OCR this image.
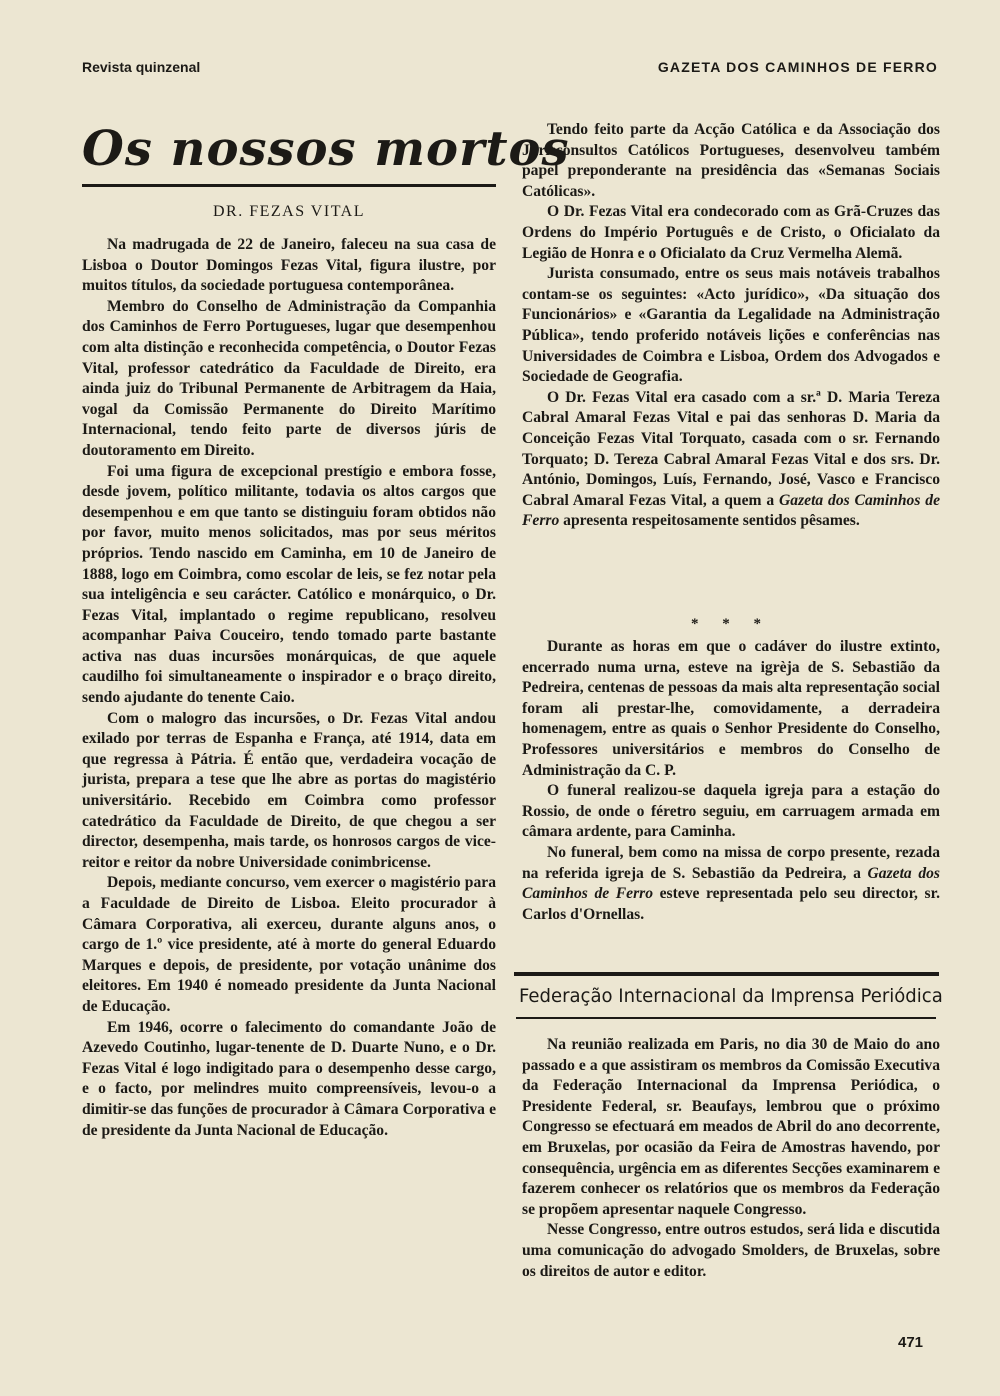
Revista quinzenal	GAZETA DOS CAMINHOS DE FERRO
Os nossos mortos
DR. FEZAS VITAL

Na madrugada de 22 de Janeiro, faleceu na sua casa de Lisboa o Doutor Domingos Fezas Vital, figura ilustre, por muitos títulos, da sociedade portuguesa contemporânea.

Membro do Conselho de Administração da Companhia dos Caminhos de Ferro Portugueses, lugar que desempenhou com alta distinção e reconhecida competência, o Doutor Fezas Vital, professor catedrático da Faculdade de Direito, era ainda juiz do Tribunal Permanente de Arbitragem da Haia, vogal da Comissão Permanente do Direito Marítimo Internacional, tendo feito parte de diversos júris de doutoramento em Direito.

Foi uma figura de excepcional prestígio e embora fosse, desde jovem, político militante, todavia os altos cargos que desempenhou e em que tanto se distinguiu foram obtidos não por favor, muito menos solicitados, mas por seus méritos próprios. Tendo nascido em Caminha, em 10 de Janeiro de 1888, logo em Coimbra, como escolar de leis, se fez notar pela sua inteligência e seu carácter. Católico e monárquico, o Dr. Fezas Vital, implantado o regime republicano, resolveu acompanhar Paiva Couceiro, tendo tomado parte bastante activa nas duas incursões monárquicas, de que aquele caudilho foi simultaneamente o inspirador e o braço direito, sendo ajudante do tenente Caio.

Com o malogro das incursões, o Dr. Fezas Vital andou exilado por terras de Espanha e França, até 1914, data em que regressa à Pátria. É então que, verdadeira vocação de jurista, prepara a tese que lhe abre as portas do magistério universitário. Recebido em Coimbra como professor catedrático da Faculdade de Direito, de que chegou a ser director, desempenha, mais tarde, os honrosos cargos de vice-reitor e reitor da nobre Universidade conimbricense.

Depois, mediante concurso, vem exercer o magistério para a Faculdade de Direito de Lisboa. Eleito procurador à Câmara Corporativa, ali exerceu, durante alguns anos, o cargo de 1.º vice presidente, até à morte do general Eduardo Marques e depois, de presidente, por votação unânime dos eleitores. Em 1940 é nomeado presidente da Junta Nacional de Educação.

Em 1946, ocorre o falecimento do comandante João de Azevedo Coutinho, lugar-tenente de D. Duarte Nuno, e o Dr. Fezas Vital é logo indigitado para o desempenho desse cargo, e o facto, por melindres muito compreensíveis, levou-o a dimitir-se das funções de procurador à Câmara Corporativa e de presidente da Junta Nacional de Educação.

Tendo feito parte da Acção Católica e da Associação dos Jurisconsultos Católicos Portugueses, desenvolveu também papel preponderante na presidência das «Semanas Sociais Católicas».

O Dr. Fezas Vital era condecorado com as Grã-Cruzes das Ordens do Império Português e de Cristo, o Oficialato da Legião de Honra e o Oficialato da Cruz Vermelha Alemã.

Jurista consumado, entre os seus mais notáveis trabalhos contam-se os seguintes: «Acto jurídico», «Da situação dos Funcionários» e «Garantia da Legalidade na Administração Pública», tendo proferido notáveis lições e conferências nas Universidades de Coimbra e Lisboa, Ordem dos Advogados e Sociedade de Geografia.

O Dr. Fezas Vital era casado com a sr.ª D. Maria Tereza Cabral Amaral Fezas Vital e pai das senhoras D. Maria da Conceição Fezas Vital Torquato, casada com o sr. Fernando Torquato; D. Tereza Cabral Amaral Fezas Vital e dos srs. Dr. António, Domingos, Luís, Fernando, José, Vasco e Francisco Cabral Amaral Fezas Vital, a quem a Gazeta dos Caminhos de Ferro apresenta respeitosamente sentidos pêsames.

* * *

Durante as horas em que o cadáver do ilustre extinto, encerrado numa urna, esteve na igrèja de S. Sebastião da Pedreira, centenas de pessoas da mais alta representação social foram ali prestar-lhe, comovidamente, a derradeira homenagem, entre as quais o Senhor Presidente do Conselho, Professores universitários e membros do Conselho de Administração da C. P.

O funeral realizou-se daquela igreja para a estação do Rossio, de onde o féretro seguiu, em carruagem armada em câmara ardente, para Caminha.

No funeral, bem como na missa de corpo presente, rezada na referida igreja de S. Sebastião da Pedreira, a Gazeta dos Caminhos de Ferro esteve representada pelo seu director, sr. Carlos d'Ornellas.

Federação Internacional da Imprensa Periódica

Na reunião realizada em Paris, no dia 30 de Maio do ano passado e a que assistiram os membros da Comissão Executiva da Federação Internacional da Imprensa Periódica, o Presidente Federal, sr. Beaufays, lembrou que o próximo Congresso se efectuará em meados de Abril do ano decorrente, em Bruxelas, por ocasião da Feira de Amostras havendo, por consequência, urgência em as diferentes Secções examinarem e fazerem conhecer os relatórios que os membros da Federação se propõem apresentar naquele Congresso.

Nesse Congresso, entre outros estudos, será lida e discutida uma comunicação do advogado Smolders, de Bruxelas, sobre os direitos de autor e editor.

471
